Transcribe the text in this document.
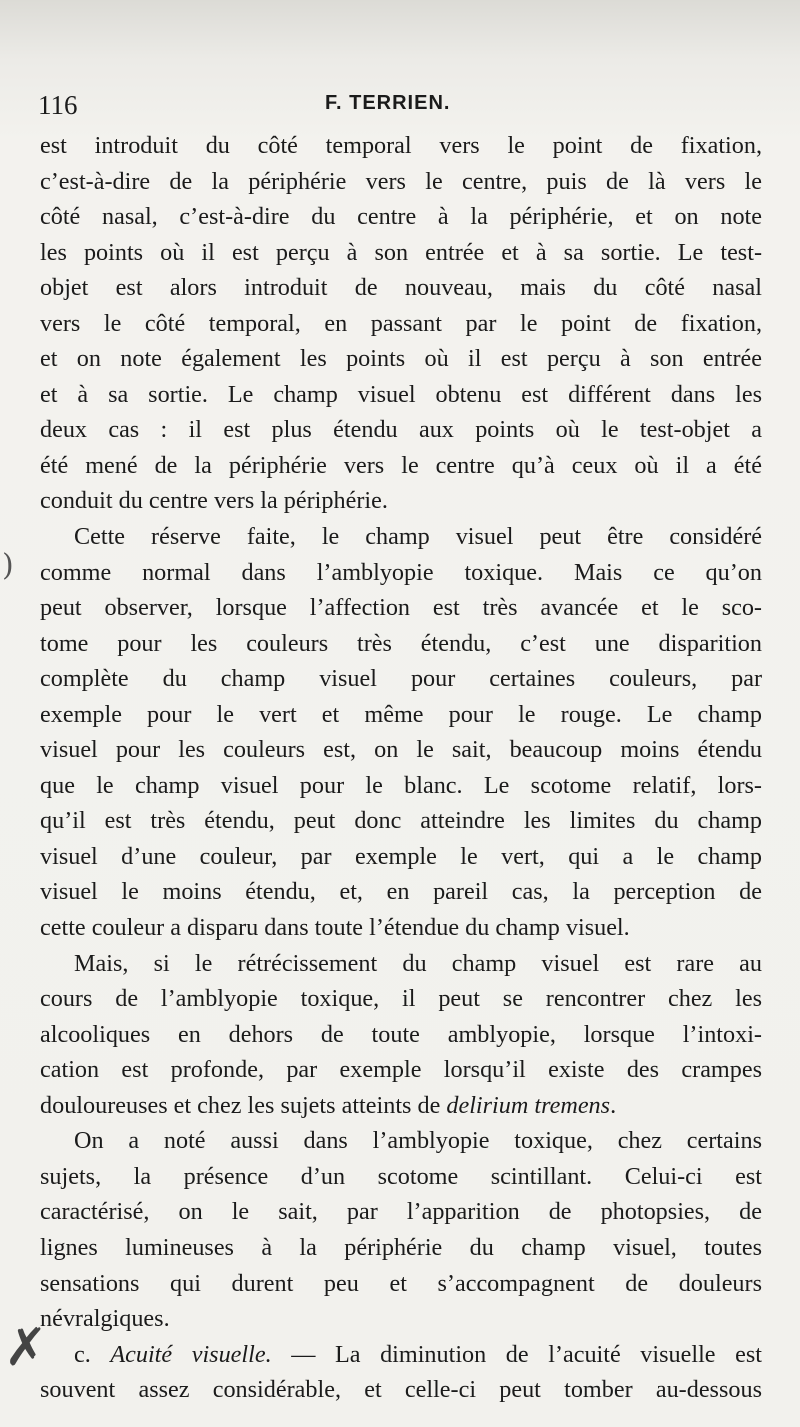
116	F. TERRIEN.
)
✗

est introduit du côté temporal vers le point de fixation,
c’est-à-dire de la périphérie vers le centre, puis de là vers le
côté nasal, c’est-à-dire du centre à la périphérie, et on note
les points où il est perçu à son entrée et à sa sortie. Le test-
objet est alors introduit de nouveau, mais du côté nasal
vers le côté temporal, en passant par le point de fixation,
et on note également les points où il est perçu à son entrée
et à sa sortie. Le champ visuel obtenu est différent dans les
deux cas : il est plus étendu aux points où le test-objet a
été mené de la périphérie vers le centre qu’à ceux où il a été
conduit du centre vers la périphérie.

Cette réserve faite, le champ visuel peut être considéré
comme normal dans l’amblyopie toxique. Mais ce qu’on
peut observer, lorsque l’affection est très avancée et le sco-
tome pour les couleurs très étendu, c’est une disparition
complète du champ visuel pour certaines couleurs, par
exemple pour le vert et même pour le rouge. Le champ
visuel pour les couleurs est, on le sait, beaucoup moins étendu
que le champ visuel pour le blanc. Le scotome relatif, lors-
qu’il est très étendu, peut donc atteindre les limites du champ
visuel d’une couleur, par exemple le vert, qui a le champ
visuel le moins étendu, et, en pareil cas, la perception de
cette couleur a disparu dans toute l’étendue du champ visuel.

Mais, si le rétrécissement du champ visuel est rare au
cours de l’amblyopie toxique, il peut se rencontrer chez les
alcooliques en dehors de toute amblyopie, lorsque l’intoxi-
cation est profonde, par exemple lorsqu’il existe des crampes
douloureuses et chez les sujets atteints de delirium tremens.

On a noté aussi dans l’amblyopie toxique, chez certains
sujets, la présence d’un scotome scintillant. Celui-ci est
caractérisé, on le sait, par l’apparition de photopsies, de
lignes lumineuses à la périphérie du champ visuel, toutes
sensations qui durent peu et s’accompagnent de douleurs
névralgiques.

c. Acuité visuelle. — La diminution de l’acuité visuelle est
souvent assez considérable, et celle-ci peut tomber au-dessous
